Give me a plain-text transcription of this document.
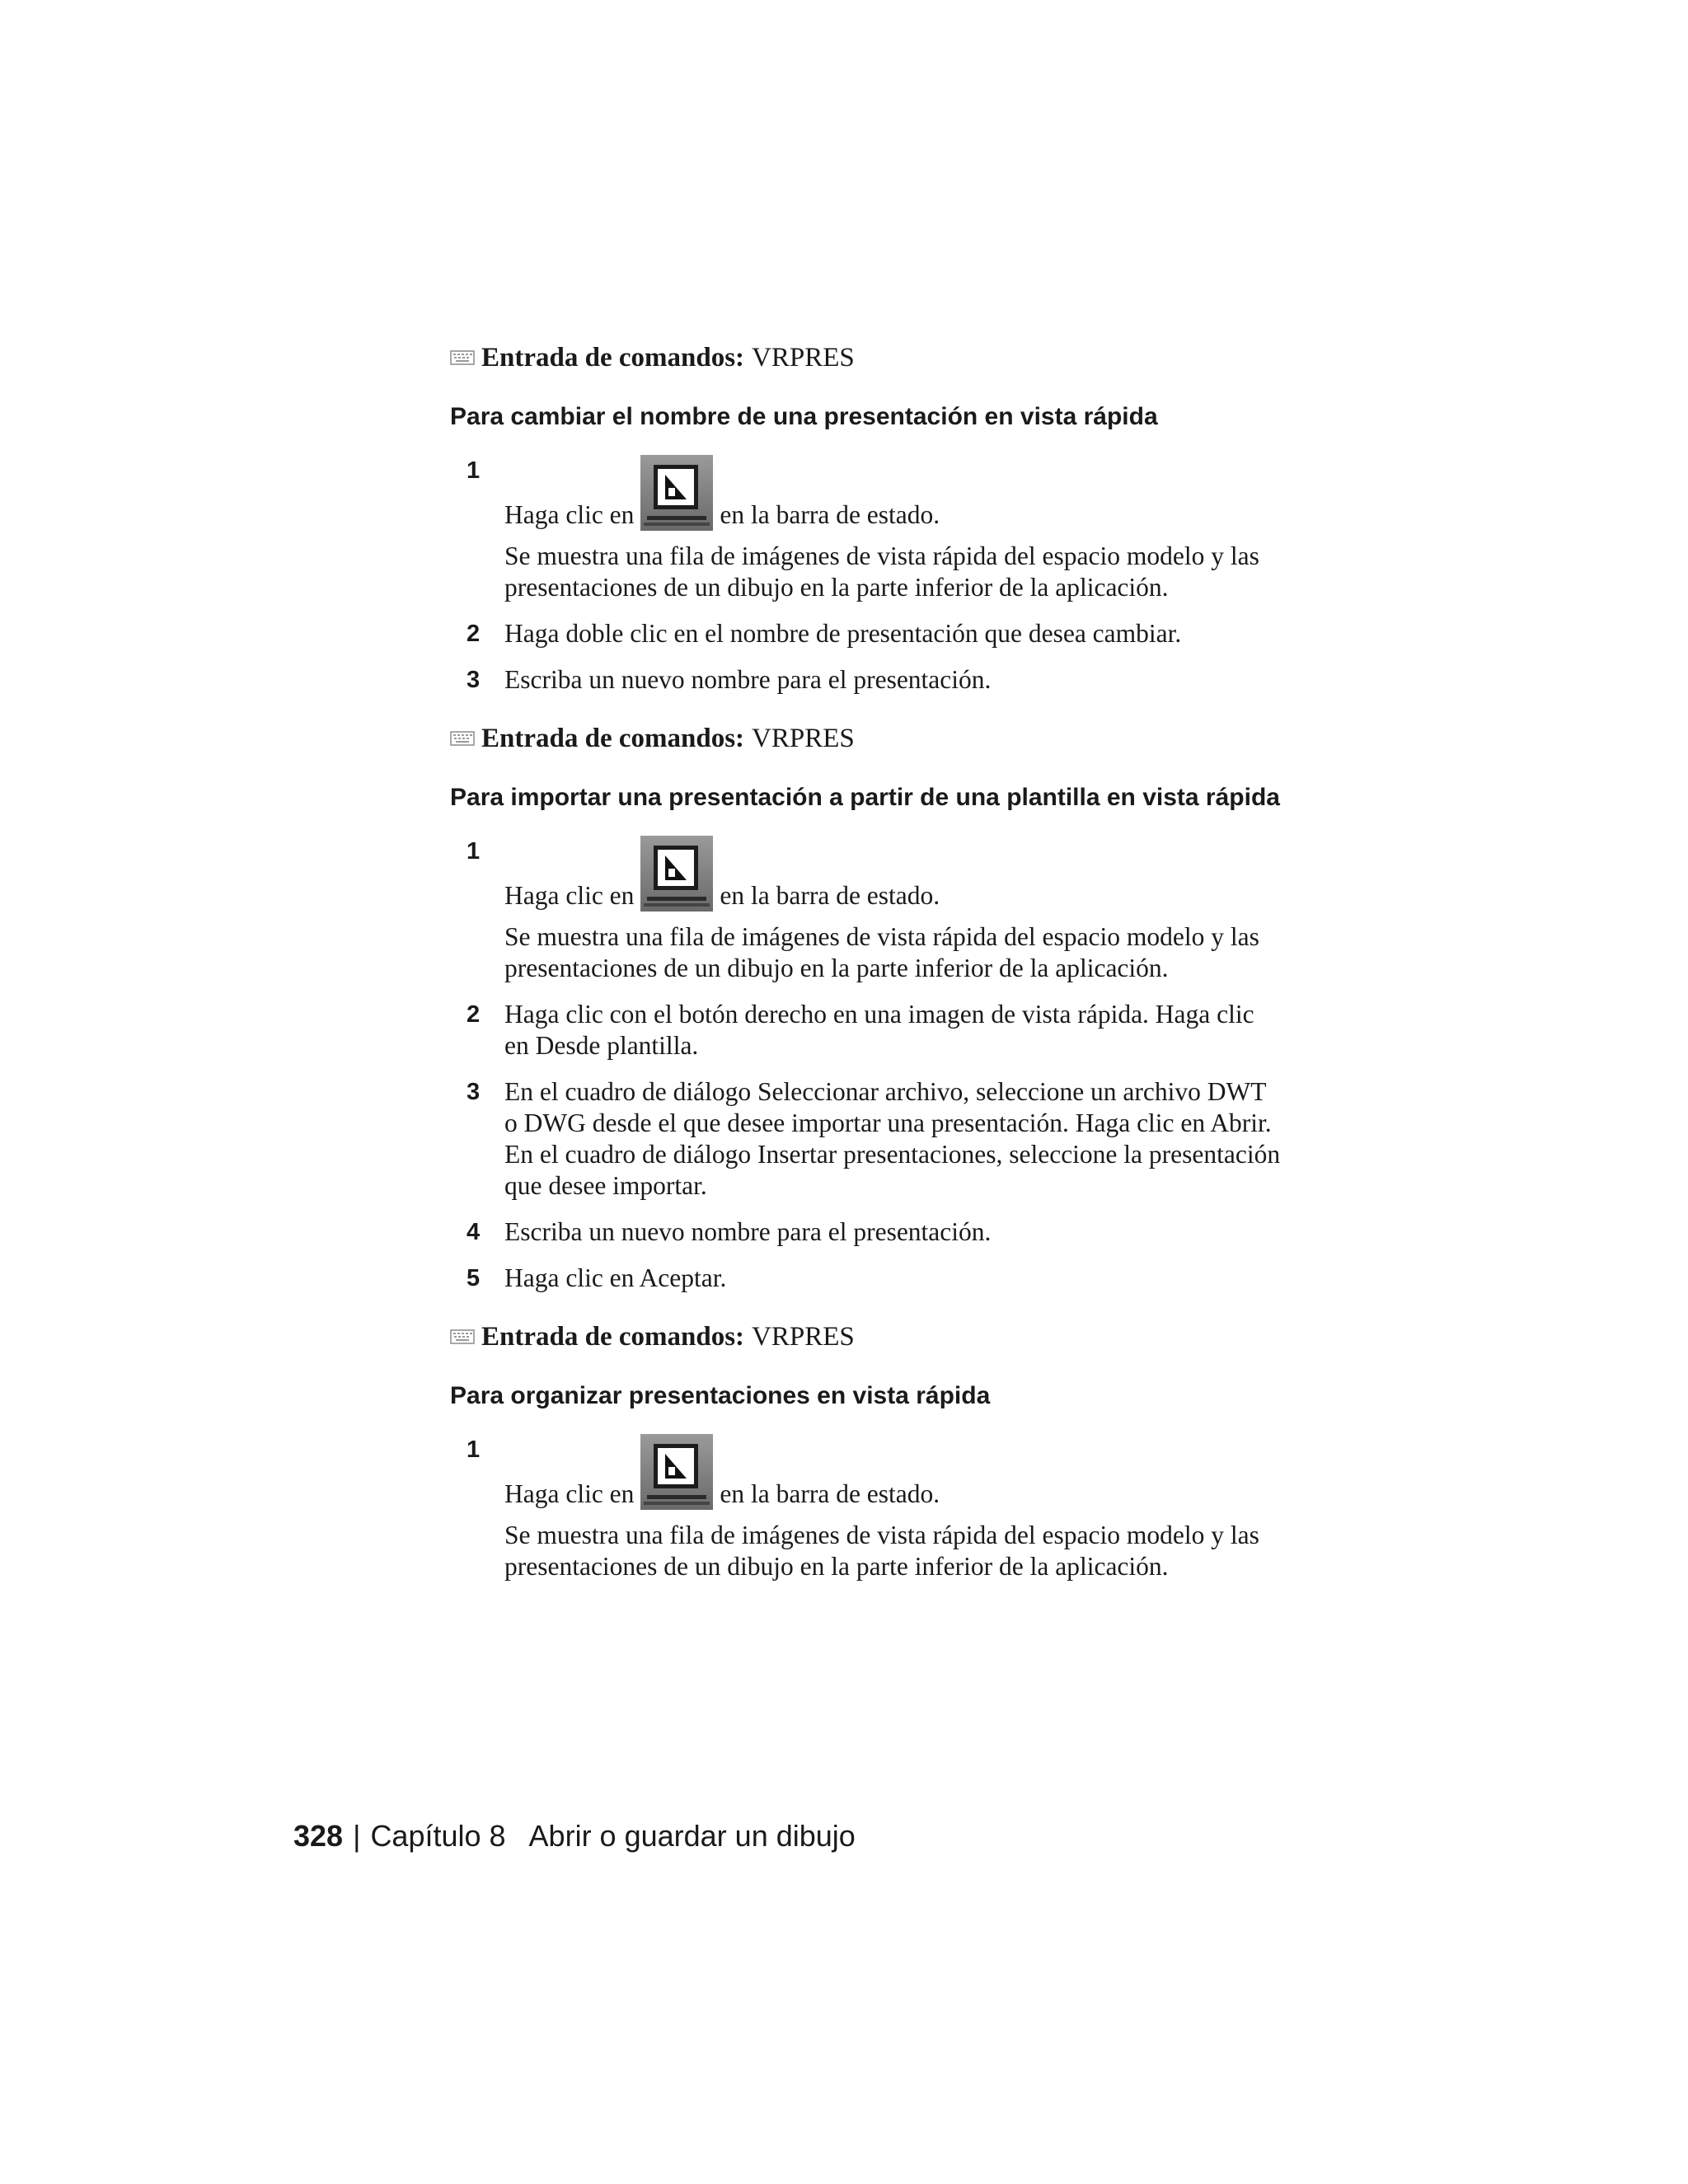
Entrada de comandos: VRPRES
Para cambiar el nombre de una presentación en vista rápida
1
Haga clic en	en la barra de estado.
Se muestra una fila de imágenes de vista rápida del espacio modelo y las
presentaciones de un dibujo en la parte inferior de la aplicación.
2 Haga doble clic en el nombre de presentación que desea cambiar.
3 Escriba un nuevo nombre para el presentación.
Entrada de comandos: VRPRES
Para importar una presentación a partir de una plantilla en vista rápida
1
Haga clic en	en la barra de estado.
Se muestra una fila de imágenes de vista rápida del espacio modelo y las
presentaciones de un dibujo en la parte inferior de la aplicación.
2 Haga clic con el botón derecho en una imagen de vista rápida. Haga clic
en Desde plantilla.
3 En el cuadro de diálogo Seleccionar archivo, seleccione un archivo DWT
o DWG desde el que desee importar una presentación. Haga clic en Abrir.
En el cuadro de diálogo Insertar presentaciones, seleccione la presentación
que desee importar.
4 Escriba un nuevo nombre para el presentación.
5 Haga clic en Aceptar.
Entrada de comandos: VRPRES
Para organizar presentaciones en vista rápida
1
Haga clic en	en la barra de estado.
Se muestra una fila de imágenes de vista rápida del espacio modelo y las
presentaciones de un dibujo en la parte inferior de la aplicación.
328 | Capítulo 8 Abrir o guardar un dibujo
